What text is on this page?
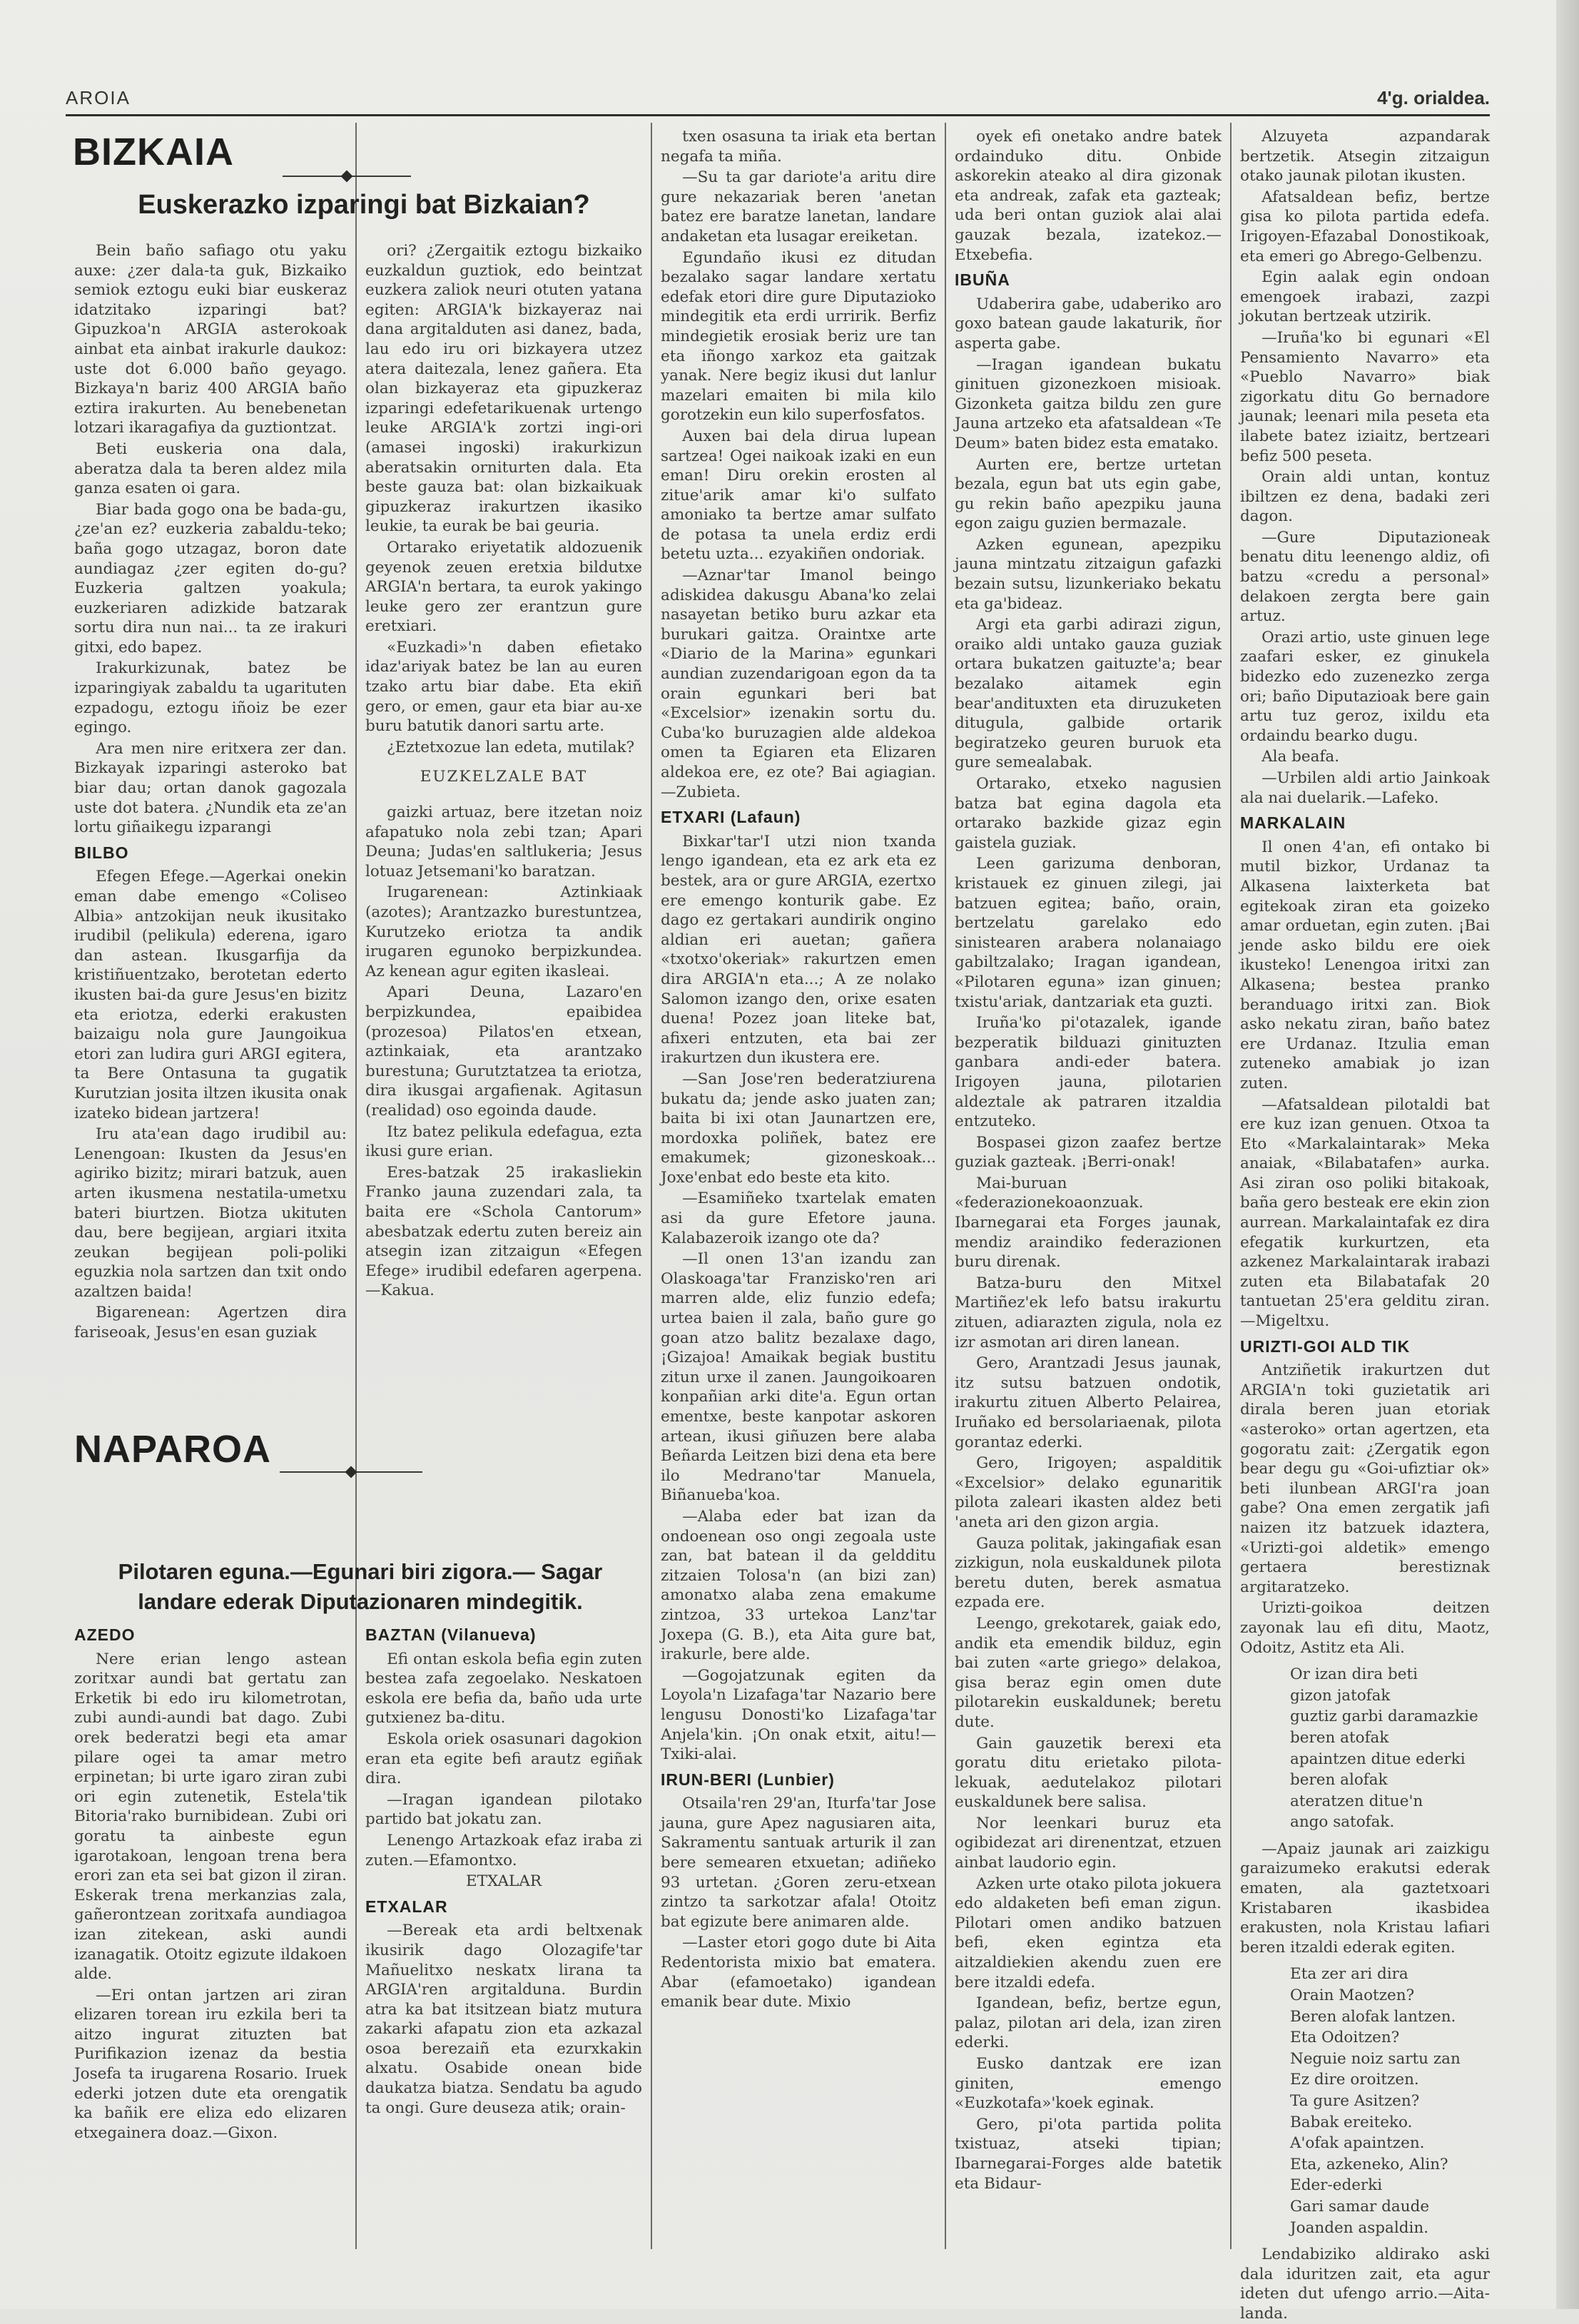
AROIA	4'g. orialdea.
BIZKAIA
Euskerazko izparingi bat Bizkaian?

Bein baño safiago otu yaku auxe: ¿zer dala-ta guk, Bizkaiko semiok eztogu euki biar euskeraz idatzitako izparingi bat? Gipuzkoa'n ARGIA asterokoak ainbat eta ainbat irakurle daukoz: uste dot 6.000 baño geyago. Bizkaya'n bariz 400 ARGIA baño eztira irakurten. Au benebenetan lotzari ikaragafiya da guztiontzat.

Beti euskeria ona dala, aberatza dala ta beren aldez mila ganza esaten oi gara.

Biar bada gogo ona be bada-gu, ¿ze'an ez? euzkeria zabaldu-teko; baña gogo utzagaz, boron date aundiagaz ¿zer egiten do-gu? Euzkeria galtzen yoakula; euzkeriaren adizkide batzarak sortu dira nun nai... ta ze irakuri gitxi, edo bapez.

Irakurkizunak, batez be izparingiyak zabaldu ta ugarituten ezpadogu, eztogu iñoiz be ezer egingo.

Ara men nire eritxera zer dan. Bizkayak izparingi asteroko bat biar dau; ortan danok gagozala uste dot batera. ¿Nundik eta ze'an lortu giñaikegu izparangi

BILBO

Efegen Efege.—Agerkai onekin eman dabe emengo «Coliseo Albia» antzokijan neuk ikusitako irudibil (pelikula) ederena, igaro dan astean. Ikusgarfija da kristiñuentzako, berotetan ederto ikusten bai-da gure Jesus'en bizitz eta eriotza, ederki erakusten baizaigu nola gure Jaungoikua etori zan ludira guri ARGI egitera, ta Bere Ontasuna ta gugatik Kurutzian josita iltzen ikusita onak izateko bidean jartzera!

Iru ata'ean dago irudibil au: Lenengoan: Ikusten da Jesus'en agiriko bizitz; mirari batzuk, auen arten ikusmena nestatila-umetxu bateri biurtzen. Biotza ukituten dau, bere begijean, argiari itxita zeukan begijean poli-poliki eguzkia nola sartzen dan txit ondo azaltzen baida!

Bigarenean: Agertzen dira fariseoak, Jesus'en esan guziak

ori? ¿Zergaitik eztogu bizkaiko euzkaldun guztiok, edo beintzat euzkera zaliok neuri otuten yatana egiten: ARGIA'k bizkayeraz nai dana argitalduten asi danez, bada, lau edo iru ori bizkayera utzez atera daitezala, lenez gañera. Eta olan bizkayeraz eta gipuzkeraz izparingi edefetarikuenak urtengo leuke ARGIA'k zortzi ingi-ori (amasei ingoski) irakurkizun aberatsakin orniturten dala. Eta beste gauza bat: olan bizkaikuak gipuzkeraz irakurtzen ikasiko leukie, ta eurak be bai geuria.

Ortarako eriyetatik aldozuenik geyenok zeuen eretxia bildutxe ARGIA'n bertara, ta eurok yakingo leuke gero zer erantzun gure eretxiari.

«Euzkadi»'n daben efietako idaz'ariyak batez be lan au euren tzako artu biar dabe. Eta ekiñ gero, or emen, gaur eta biar au-xe buru batutik danori sartu arte.

¿Eztetxozue lan edeta, mutilak?

EUZKELZALE BAT

gaizki artuaz, bere itzetan noiz afapatuko nola zebi tzan; Apari Deuna; Judas'en saltlukeria; Jesus lotuaz Jetsemani'ko baratzan.

Irugarenean: Aztinkiaak (azotes); Arantzazko burestuntzea, Kurutzeko eriotza ta andik irugaren egunoko berpizkundea. Az kenean agur egiten ikasleai.

Apari Deuna, Lazaro'en berpizkundea, epaibidea (prozesoa) Pilatos'en etxean, aztinkaiak, eta arantzako burestuna; Gurutztatzea ta eriotza, dira ikusgai argafienak. Agitasun (realidad) oso egoinda daude.

Itz batez pelikula edefagua, ezta ikusi gure erian.

Eres-batzak 25 irakasliekin Franko jauna zuzendari zala, ta baita ere «Schola Cantorum» abesbatzak edertu zuten bereiz ain atsegin izan zitzaigun «Efegen Efege» irudibil edefaren agerpena.—Kakua.

NAPAROA
Pilotaren eguna.—Egunari biri zigora.— Sagar
landare ederak Diputazionaren mindegitik.
AZEDO

Nere erian lengo astean zoritxar aundi bat gertatu zan Erketik bi edo iru kilometrotan, zubi aundi-aundi bat dago. Zubi orek bederatzi begi eta amar pilare ogei ta amar metro erpinetan; bi urte igaro ziran zubi ori egin zutenetik, Estela'tik Bitoria'rako burnibidean. Zubi ori goratu ta ainbeste egun igarotakoan, lengoan trena bera erori zan eta sei bat gizon il ziran. Eskerak trena merkanzias zala, gañerontzean zoritxafa aundiagoa izan zitekean, aski aundi izanagatik. Otoitz egizute ildakoen alde.

—Eri ontan jartzen ari ziran elizaren torean iru ezkila beri ta aitzo ingurat zituzten bat Purifikazion izenaz da bestia Josefa ta irugarena Rosario. Iruek ederki jotzen dute eta orengatik ka bañik ere eliza edo elizaren etxegainera doaz.—Gixon.

BAZTAN (Vilanueva)

Efi ontan eskola befia egin zuten bestea zafa zegoelako. Neskatoen eskola ere befia da, baño uda urte gutxienez ba-ditu.

Eskola oriek osasunari dagokion eran eta egite befi arautz egiñak dira.

—Iragan igandean pilotako partido bat jokatu zan.

Lenengo Artazkoak efaz iraba zi zuten.—Efamontxo.

ETXALAR

ETXALAR

—Bereak eta ardi beltxenak ikusirik dago Olozagife'tar Mañuelitxo neskatx lirana ta ARGIA'ren argitalduna. Burdin atra ka bat itsitzean biatz mutura zakarki afapatu zion eta azkazal osoa berezaiñ eta ezurxkakin alxatu. Osabide onean bide daukatza biatza. Sendatu ba agudo ta ongi. Gure deuseza atik; orain-

txen osasuna ta iriak eta bertan negafa ta miña.

—Su ta gar dariote'a aritu dire gure nekazariak beren 'anetan batez ere baratze lanetan, landare andaketan eta lusagar ereiketan.

Egundaño ikusi ez ditudan bezalako sagar landare xertatu edefak etori dire gure Diputazioko mindegitik eta erdi urririk. Berfiz mindegietik erosiak beriz ure tan eta iñongo xarkoz eta gaitzak yanak. Nere begiz ikusi dut lanlur mazelari emaiten bi mila kilo gorotzekin eun kilo superfosfatos.

Auxen bai dela dirua lupean sartzea! Ogei naikoak izaki en eun eman! Diru orekin erosten al zitue'arik amar ki'o sulfato amoniako ta bertze amar sulfato de potasa ta unela erdiz erdi betetu uzta... ezyakiñen ondoriak.

—Aznar'tar Imanol beingo adiskidea dakusgu Abana'ko zelai nasayetan betiko buru azkar eta burukari gaitza. Oraintxe arte «Diario de la Marina» egunkari aundian zuzendarigoan egon da ta orain egunkari beri bat «Excelsior» izenakin sortu du. Cuba'ko buruzagien alde aldekoa omen ta Egiaren eta Elizaren aldekoa ere, ez ote? Bai agiagian.—Zubieta.

ETXARI (Lafaun)

Bixkar'tar'I utzi nion txanda lengo igandean, eta ez ark eta ez bestek, ara or gure ARGIA, ezertxo ere emengo konturik gabe. Ez dago ez gertakari aundirik ongino aldian eri auetan; gañera «txotxo'okeriak» rakurtzen emen dira ARGIA'n eta...; A ze nolako Salomon izango den, orixe esaten duena! Pozez joan liteke bat, afixeri entzuten, eta bai zer irakurtzen dun ikustera ere.

—San Jose'ren bederatziurena bukatu da; jende asko juaten zan; baita bi ixi otan Jaunartzen ere, mordoxka poliñek, batez ere emakumek; gizoneskoak... Joxe'enbat edo beste eta kito.

—Esamiñeko txartelak ematen asi da gure Efetore jauna. Kalabazeroik izango ote da?

—Il onen 13'an izandu zan Olaskoaga'tar Franzisko'ren ari marren alde, eliz funzio edefa; urtea baien il zala, baño gure go goan atzo balitz bezalaxe dago, ¡Gizajoa! Amaikak begiak bustitu zitun urxe il zanen. Jaungoikoaren konpañian arki dite'a. Egun ortan ementxe, beste kanpotar askoren artean, ikusi giñuzen bere alaba Beñarda Leitzen bizi dena eta bere ilo Medrano'tar Manuela, Biñanueba'koa.

—Alaba eder bat izan da ondoenean oso ongi zegoala uste zan, bat batean il da geldditu zitzaien Tolosa'n (an bizi zan) amonatxo alaba zena emakume zintzoa, 33 urtekoa Lanz'tar Joxepa (G. B.), eta Aita gure bat, irakurle, bere alde.

—Gogojatzunak egiten da Loyola'n Lizafaga'tar Nazario bere lengusu Donosti'ko Lizafaga'tar Anjela'kin. ¡On onak etxit, aitu!—Txiki-alai.

IRUN-BERI (Lunbier)

Otsaila'ren 29'an, Iturfa'tar Jose jauna, gure Apez nagusiaren aita, Sakramentu santuak arturik il zan bere semearen etxuetan; adiñeko 93 urtetan. ¿Goren zeru-etxean zintzo ta sarkotzar afala! Otoitz bat egizute bere animaren alde.

—Laster etori gogo dute bi Aita Redentorista mixio bat ematera. Abar (efamoetako) igandean emanik bear dute. Mixio

oyek efi onetako andre batek ordainduko ditu. Onbide askorekin ateako al dira gizonak eta andreak, zafak eta gazteak; uda beri ontan guziok alai alai gauzak bezala, izatekoz.—Etxebefia.

IBUÑA

Udaberira gabe, udaberiko aro goxo batean gaude lakaturik, ñor asperta gabe.

—Iragan igandean bukatu ginituen gizonezkoen misioak. Gizonketa gaitza bildu zen gure Jauna artzeko eta afatsaldean «Te Deum» baten bidez esta ematako.

Aurten ere, bertze urtetan bezala, egun bat uts egin gabe, gu rekin baño apezpiku jauna egon zaigu guzien bermazale.

Azken egunean, apezpiku jauna mintzatu zitzaigun gafazki bezain sutsu, lizunkeriako bekatu eta ga'bideaz.

Argi eta garbi adirazi zigun, oraiko aldi untako gauza guziak ortara bukatzen gaituzte'a; bear bezalako aitamek egin bear'andituxten eta diruzuketen ditugula, galbide ortarik begiratzeko geuren buruok eta gure semealabak.

Ortarako, etxeko nagusien batza bat egina dagola eta ortarako bazkide gizaz egin gaistela guziak.

Leen garizuma denboran, kristauek ez ginuen zilegi, jai batzuen egitea; baño, orain, bertzelatu garelako edo sinistearen arabera nolanaiago gabiltzalako; Iragan igandean, «Pilotaren eguna» izan ginuen; txistu'ariak, dantzariak eta guzti.

Iruña'ko pi'otazalek, igande bezperatik bilduazi ginituzten ganbara andi-eder batera. Irigoyen jauna, pilotarien aldeztale ak patraren itzaldia entzuteko.

Bospasei gizon zaafez bertze guziak gazteak. ¡Berri-onak!

Mai-buruan «federazionekoaonzuak. Ibarnegarai eta Forges jaunak, mendiz araindiko federazionen buru direnak.

Batza-buru den Mitxel Martiñez'ek lefo batsu irakurtu zituen, adiarazten zigula, nola ez izr asmotan ari diren lanean.

Gero, Arantzadi Jesus jaunak, itz sutsu batzuen ondotik, irakurtu zituen Alberto Pelairea, Iruñako ed bersolariaenak, pilota gorantaz ederki.

Gero, Irigoyen; aspalditik «Excelsior» delako egunaritik pilota zaleari ikasten aldez beti 'aneta ari den gizon argia.

Gauza politak, jakingafiak esan zizkigun, nola euskaldunek pilota beretu duten, berek asmatua ezpada ere.

Leengo, grekotarek, gaiak edo, andik eta emendik bilduz, egin bai zuten «arte griego» delakoa, gisa beraz egin omen dute pilotarekin euskaldunek; beretu dute.

Gain gauzetik berexi eta goratu ditu erietako pilota-lekuak, aedutelakoz pilotari euskaldunek bere salisa.

Nor leenkari buruz eta ogibidezat ari direnentzat, etzuen ainbat laudorio egin.

Azken urte otako pilota jokuera edo aldaketen befi eman zigun. Pilotari omen andiko batzuen befi, eken egintza eta aitzaldiekien akendu zuen ere bere itzaldi edefa.

Igandean, befiz, bertze egun, palaz, pilotan ari dela, izan ziren ederki.

Eusko dantzak ere izan giniten, emengo «Euzkotafa»'koek eginak.

Gero, pi'ota partida polita txistuaz, atseki tipian; Ibarnegarai-Forges alde batetik eta Bidaur-

Alzuyeta azpandarak bertzetik. Atsegin zitzaigun otako jaunak pilotan ikusten.

Afatsaldean befiz, bertze gisa ko pilota partida edefa. Irigoyen-Efazabal Donostikoak, eta emeri go Abrego-Gelbenzu.

Egin aalak egin ondoan emengoek irabazi, zazpi jokutan bertzeak utzirik.

—Iruña'ko bi egunari «El Pensamiento Navarro» eta «Pueblo Navarro» biak zigorkatu ditu Go bernadore jaunak; leenari mila peseta eta ilabete batez iziaitz, bertzeari befiz 500 peseta.

Orain aldi untan, kontuz ibiltzen ez dena, badaki zeri dagon.

—Gure Diputazioneak benatu ditu leenengo aldiz, ofi batzu «credu a personal» delakoen zergta bere gain artuz.

Orazi artio, uste ginuen lege zaafari esker, ez ginukela bidezko edo zuzenezko zerga ori; baño Diputazioak bere gain artu tuz geroz, ixildu eta ordaindu bearko dugu.

Ala beafa.

—Urbilen aldi artio Jainkoak ala nai duelarik.—Lafeko.

MARKALAIN

Il onen 4'an, efi ontako bi mutil bizkor, Urdanaz ta Alkasena laixterketa bat egitekoak ziran eta goizeko amar orduetan, egin zuten. ¡Bai jende asko bildu ere oiek ikusteko! Lenengoa iritxi zan Alkasena; bestea pranko beranduago iritxi zan. Biok asko nekatu ziran, baño batez ere Urdanaz. Itzulia eman zuteneko amabiak jo izan zuten.

—Afatsaldean pilotaldi bat ere kuz izan genuen. Otxoa ta Eto «Markalaintarak» Meka anaiak, «Bilabatafen» aurka. Asi ziran oso poliki bitakoak, baña gero besteak ere ekin zion aurrean. Markalaintafak ez dira efegatik kurkurtzen, eta azkenez Markalaintarak irabazi zuten eta Bilabatafak 20 tantuetan 25'era gelditu ziran.—Migeltxu.

URIZTI-GOI ALD TIK

Antziñetik irakurtzen dut ARGIA'n toki guzietatik ari dirala beren juan etoriak «asteroko» ortan agertzen, eta gogoratu zait: ¿Zergatik egon bear degu gu «Goi-ufiztiar ok» beti ilunbean ARGI'ra joan gabe? Ona emen zergatik jafi naizen itz batzuek idaztera, «Urizti-goi aldetik» emengo gertaera berestiznak argitaratzeko.

Urizti-goikoa deitzen zayonak lau efi ditu, Maotz, Odoitz, Astitz eta Ali.

Or izan dira beti

gizon jatofak

guztiz garbi daramazkie

beren atofak

apaintzen ditue ederki

beren alofak

ateratzen ditue'n

ango satofak.

—Apaiz jaunak ari zaizkigu garaizumeko erakutsi ederak ematen, ala gaztetxoari Kristabaren ikasbidea erakusten, nola Kristau lafiari beren itzaldi ederak egiten.

Eta zer ari dira

Orain Maotzen?

Beren alofak lantzen.

Eta Odoitzen?

Neguie noiz sartu zan

Ez dire oroitzen.

Ta gure Asitzen?

Babak ereiteko.

A'ofak apaintzen.

Eta, azkeneko, Alin?

Eder-ederki

Gari samar daude

Joanden aspaldin.

Lendabiziko aldirako aski dala iduritzen zait, eta agur ideten dut ufengo arrio.—Aita-landa.
